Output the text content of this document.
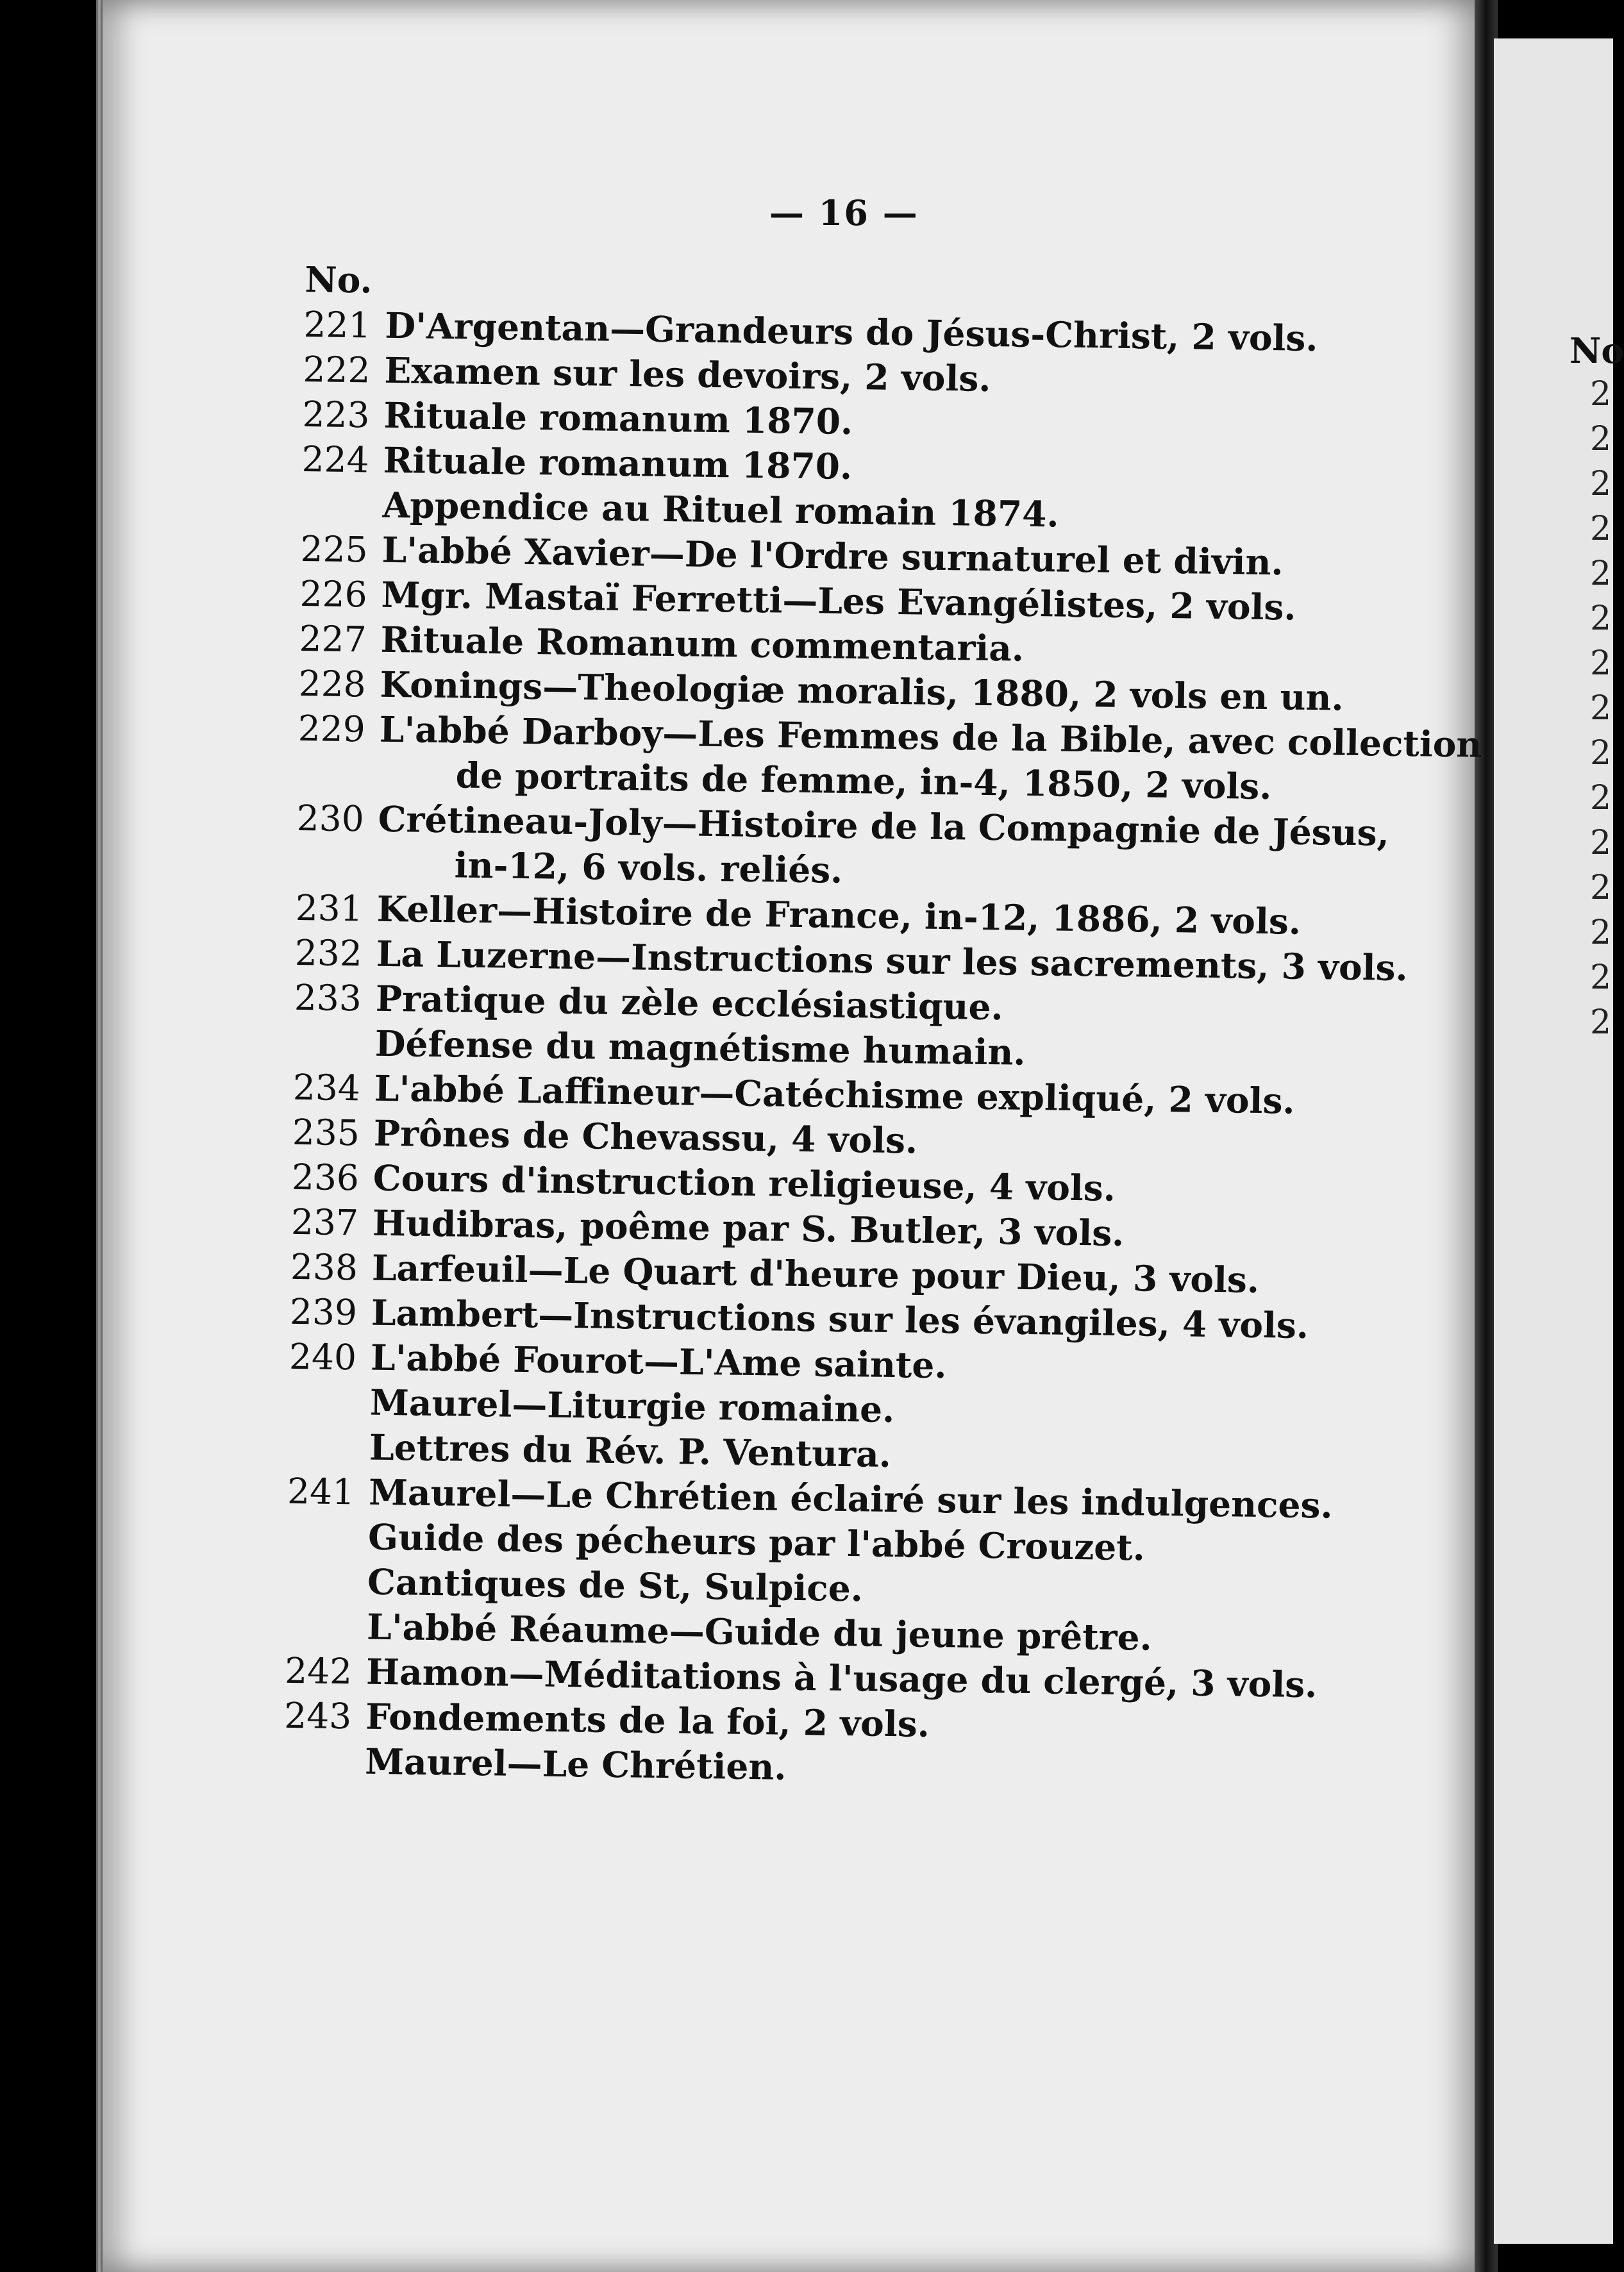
No
2
2
2
2
2
2
2
2
2
2
2
2
2
2
2
— 16 —
No.
221 D'Argentan—Grandeurs do Jésus-Christ, 2 vols.
222 Examen sur les devoirs, 2 vols.
223 Rituale romanum 1870.
224 Rituale romanum 1870.
Appendice au Rituel romain 1874.
225 L'abbé Xavier—De l'Ordre surnaturel et divin.
226 Mgr. Mastaï Ferretti—Les Evangélistes, 2 vols.
227 Rituale Romanum commentaria.
228 Konings—Theologiæ moralis, 1880, 2 vols en un.
229 L'abbé Darboy—Les Femmes de la Bible, avec collection
de portraits de femme, in-4, 1850, 2 vols.
230 Crétineau-Joly—Histoire de la Compagnie de Jésus,
in-12, 6 vols. reliés.
231 Keller—Histoire de France, in-12, 1886, 2 vols.
232 La Luzerne—Instructions sur les sacrements, 3 vols.
233 Pratique du zèle ecclésiastique.
Défense du magnétisme humain.
234 L'abbé Laffineur—Catéchisme expliqué, 2 vols.
235 Prônes de Chevassu, 4 vols.
236 Cours d'instruction religieuse, 4 vols.
237 Hudibras, poême par S. Butler, 3 vols.
238 Larfeuil—Le Quart d'heure pour Dieu, 3 vols.
239 Lambert—Instructions sur les évangiles, 4 vols.
240 L'abbé Fourot—L'Ame sainte.
Maurel—Liturgie romaine.
Lettres du Rév. P. Ventura.
241 Maurel—Le Chrétien éclairé sur les indulgences.
Guide des pécheurs par l'abbé Crouzet.
Cantiques de St, Sulpice.
L'abbé Réaume—Guide du jeune prêtre.
242 Hamon—Méditations à l'usage du clergé, 3 vols.
243 Fondements de la foi, 2 vols.
Maurel—Le Chrétien.
